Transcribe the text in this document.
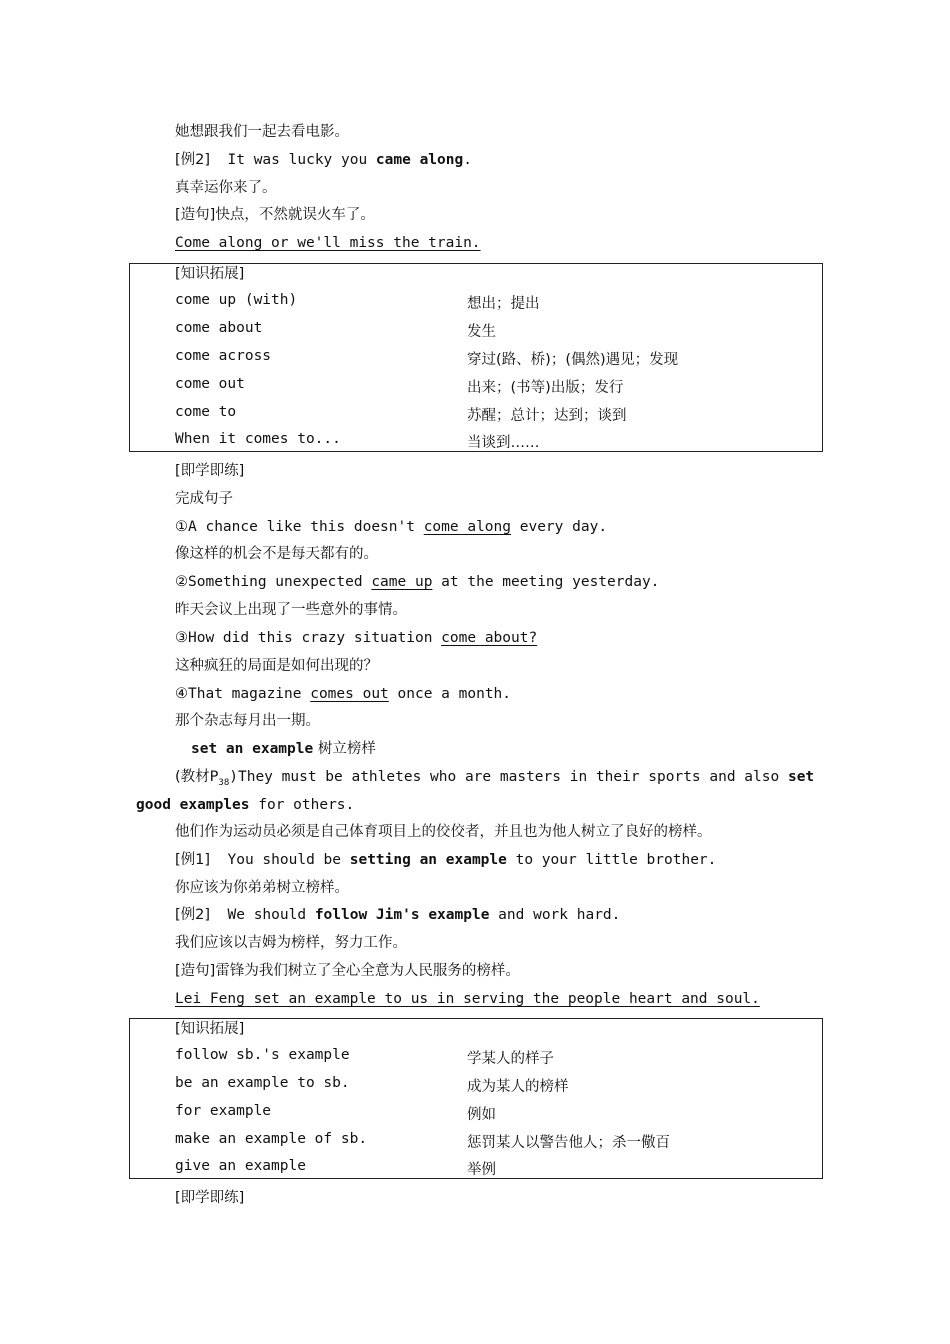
她想跟我们一起去看电影。
[例2] It was lucky you came along.
真幸运你来了。
[造句]快点，不然就误火车了。
Come along or we'll miss the train.
[知识拓展]
come up (with)	想出；提出
come about	发生
come across	穿过(路、桥)；(偶然)遇见；发现
come out	出来；(书等)出版；发行
come to	苏醒；总计；达到；谈到
When it comes to...	当谈到……
[即学即练]
完成句子
①A chance like this doesn't come along every day.
像这样的机会不是每天都有的。
②Something unexpected came up at the meeting yesterday.
昨天会议上出现了一些意外的事情。
③How did this crazy situation come about?
这种疯狂的局面是如何出现的？
④That magazine comes out once a month.
那个杂志每月出一期。
set an example 树立榜样
(教材$P_{38})They$ must be athletes who are masters in their sports and also set
good examples for others.
他们作为运动员必须是自己体育项目上的佼佼者，并且也为他人树立了良好的榜样。
[例1] You should be setting an example to your little brother.
你应该为你弟弟树立榜样。
[例2] We should follow Jim's example and work hard.
我们应该以吉姆为榜样，努力工作。
[造句]雷锋为我们树立了全心全意为人民服务的榜样。
Lei Feng set an example to us in serving the people heart and soul.
[知识拓展]
follow sb.'s example	学某人的样子
be an example to sb.	成为某人的榜样
for example	例如
make an example of sb.	惩罚某人以警告他人；杀一儆百
give an example	举例
[即学即练]
